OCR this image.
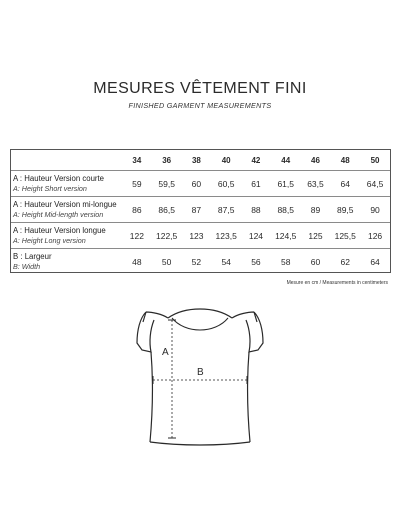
MESURES VÊTEMENT FINI
FINISHED GARMENT MEASUREMENTS
	34	36	38	40	42	44	46	48	50

A : Hauteur Version courte
A: Height Short version	59	59,5	60	60,5	61	61,5	63,5	64	64,5

A : Hauteur Version mi-longue
A: Height Mid-length version	86	86,5	87	87,5	88	88,5	89	89,5	90

A : Hauteur Version longue
A: Height Long version	122	122,5	123	123,5	124	124,5	125	125,5	126

B : Largeur
B: Width	48	50	52	54	56	58	60	62	64
Mesure en cm / Measurements in centimeters
A
B
